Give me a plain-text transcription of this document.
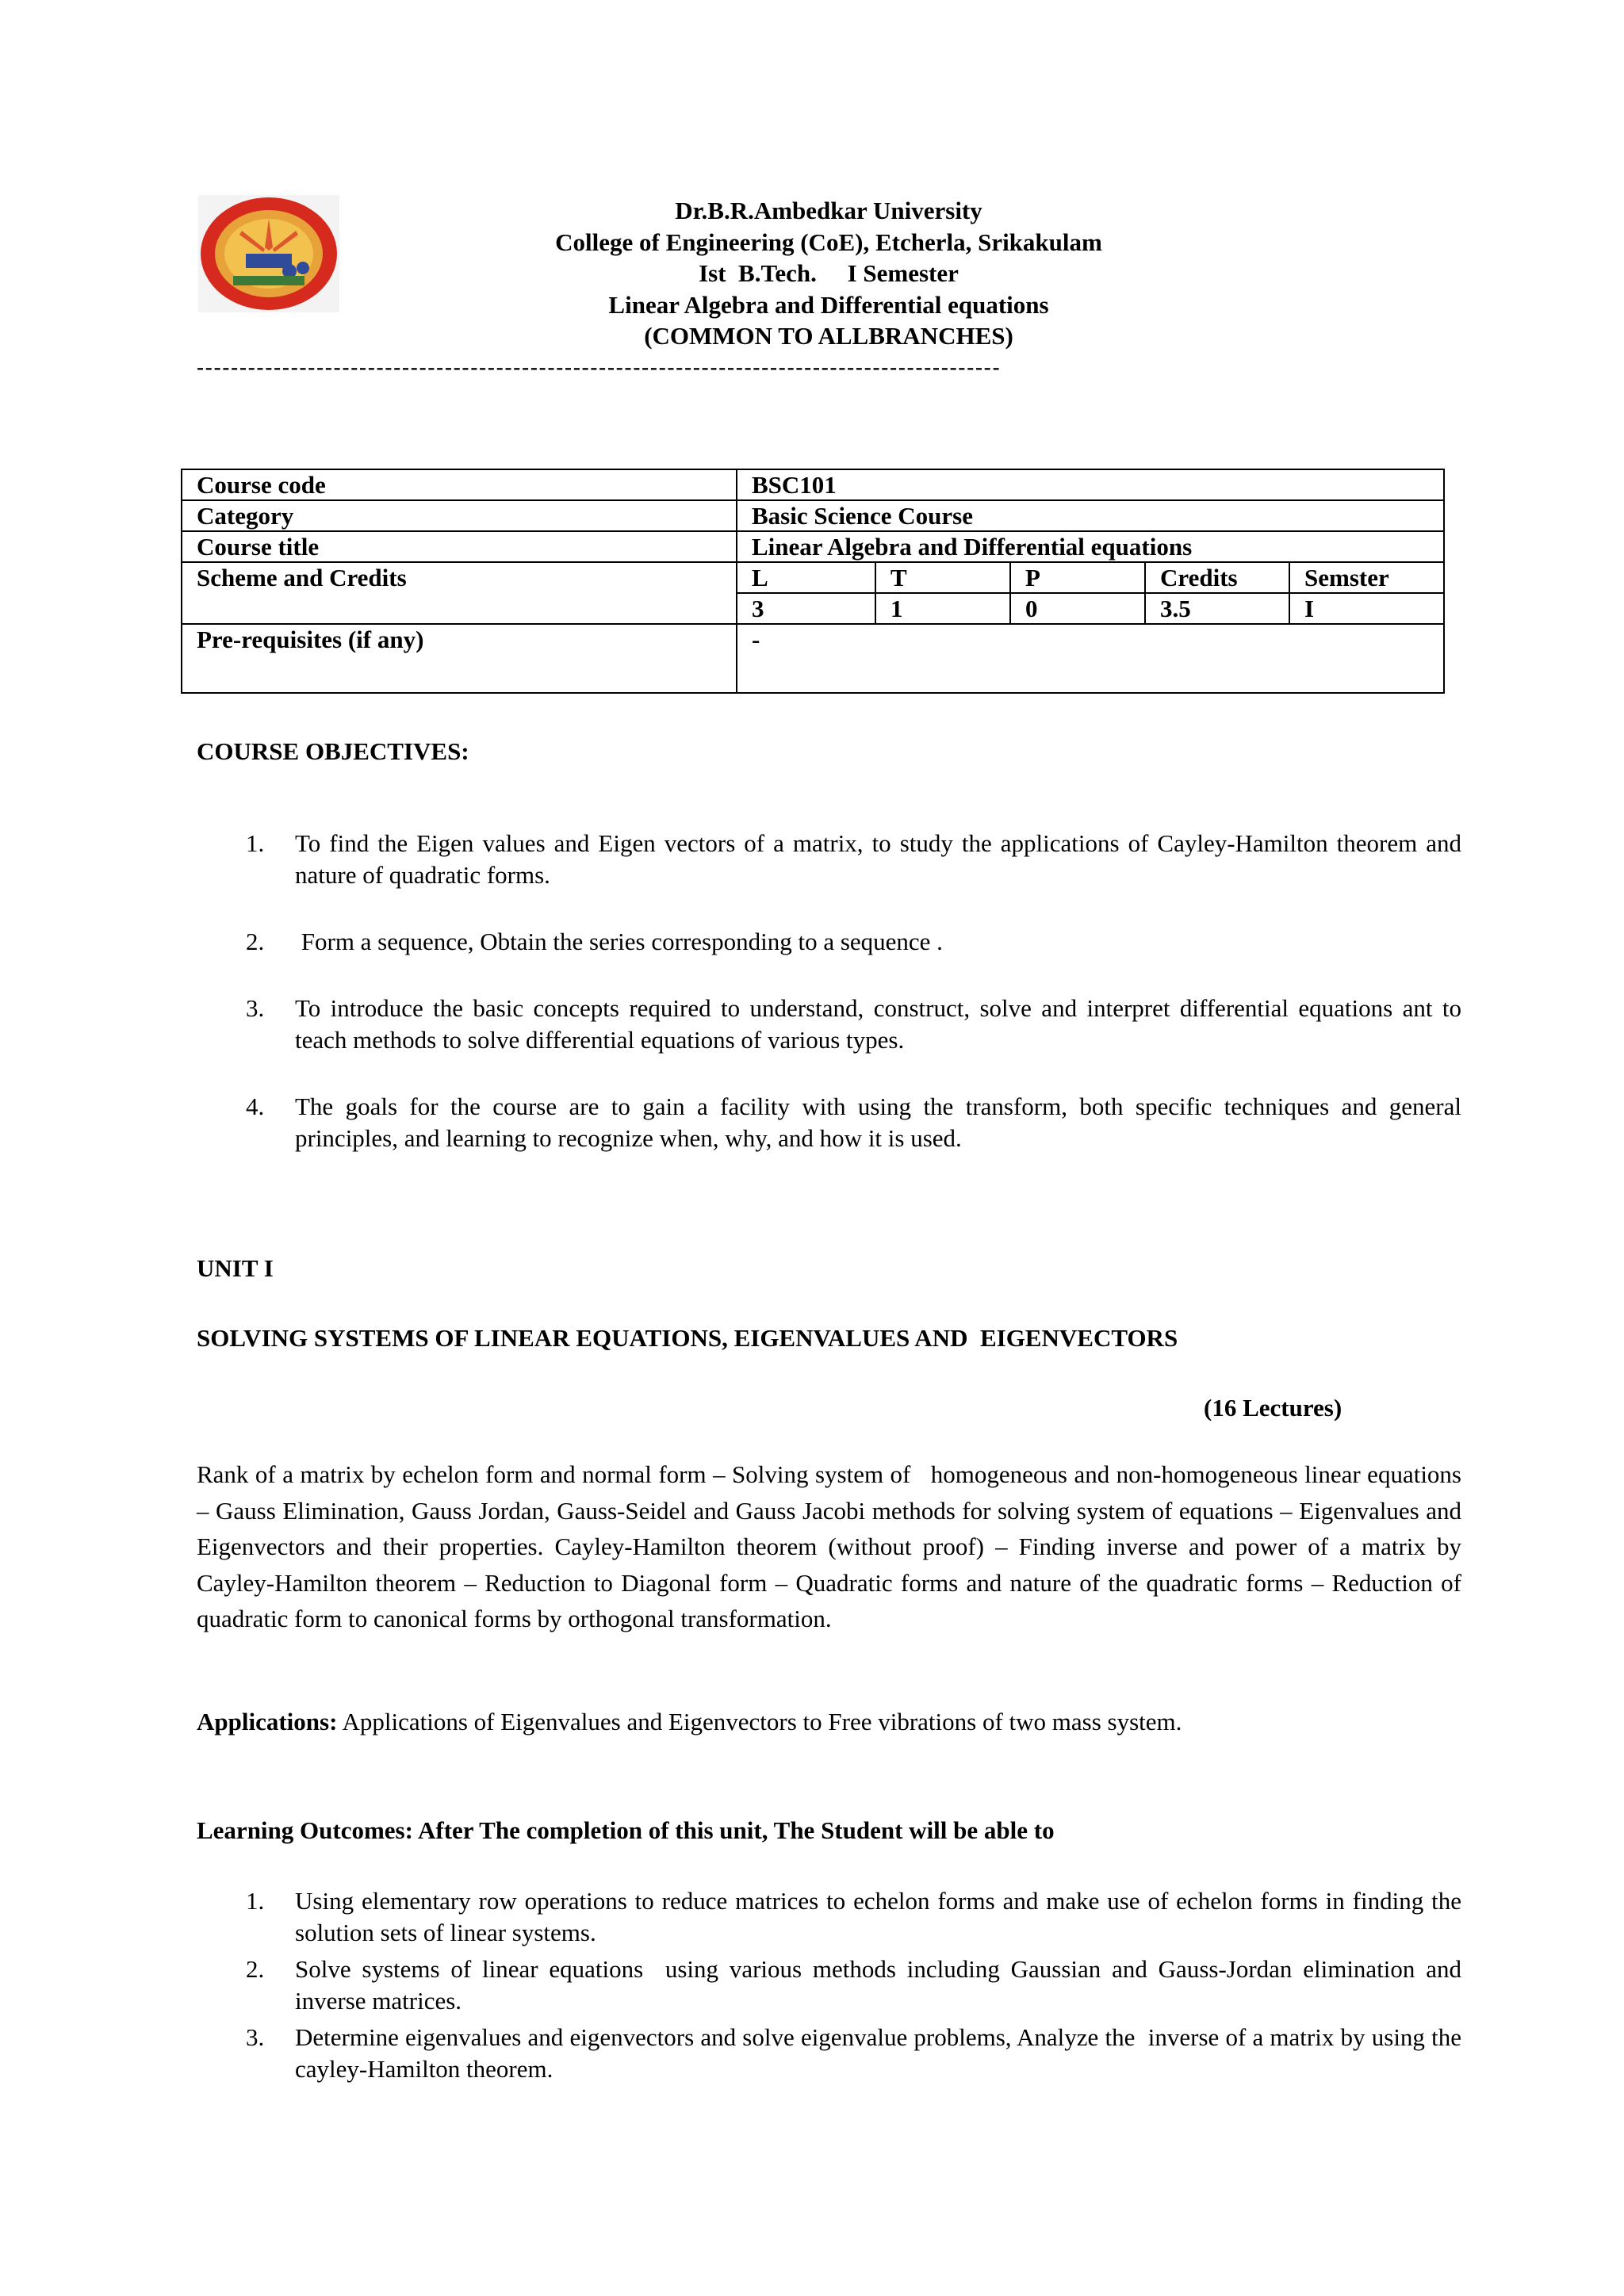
Dr.B.R.Ambedkar University
College of Engineering (CoE), Etcherla, Srikakulam
Ist  B.Tech.     I Semester
Linear Algebra and Differential equations
(COMMON TO ALLBRANCHES)
----------------------------------------------------------------------------------------------
Course code	BSC101				
Category	Basic Science Course				
Course title	Linear Algebra and Differential equations				
Scheme and Credits	L	T	P	Credits	Semster
	3	1	0	3.5	I
Pre-requisites (if any)	-				
COURSE OBJECTIVES:
1. To find the Eigen values and Eigen vectors of a matrix, to study the applications of Cayley-Hamilton theorem and nature of quadratic forms.
2. Form a sequence, Obtain the series corresponding to a sequence .
3. To introduce the basic concepts required to understand, construct, solve and interpret differential equations ant to teach methods to solve differential equations of various types.
4. The goals for the course are to gain a facility with using the transform, both specific techniques and general principles, and learning to recognize when, why, and how it is used.
UNIT I
SOLVING SYSTEMS OF LINEAR EQUATIONS, EIGENVALUES AND  EIGENVECTORS
(16 Lectures)
Rank of a matrix by echelon form and normal form – Solving system of   homogeneous and non-homogeneous linear equations – Gauss Elimination, Gauss Jordan, Gauss-Seidel and Gauss Jacobi methods for solving system of equations – Eigenvalues and Eigenvectors and their properties. Cayley-Hamilton theorem (without proof) – Finding inverse and power of a matrix by Cayley-Hamilton theorem – Reduction to Diagonal form – Quadratic forms and nature of the quadratic forms – Reduction of quadratic form to canonical forms by orthogonal transformation.
Applications: Applications of Eigenvalues and Eigenvectors to Free vibrations of two mass system.
Learning Outcomes: After The completion of this unit, The Student will be able to
1. Using elementary row operations to reduce matrices to echelon forms and make use of echelon forms in finding the solution sets of linear systems.
2. Solve systems of linear equations  using various methods including Gaussian and Gauss-Jordan elimination and inverse matrices.
3. Determine eigenvalues and eigenvectors and solve eigenvalue problems, Analyze the  inverse of a matrix by using the cayley-Hamilton theorem.
